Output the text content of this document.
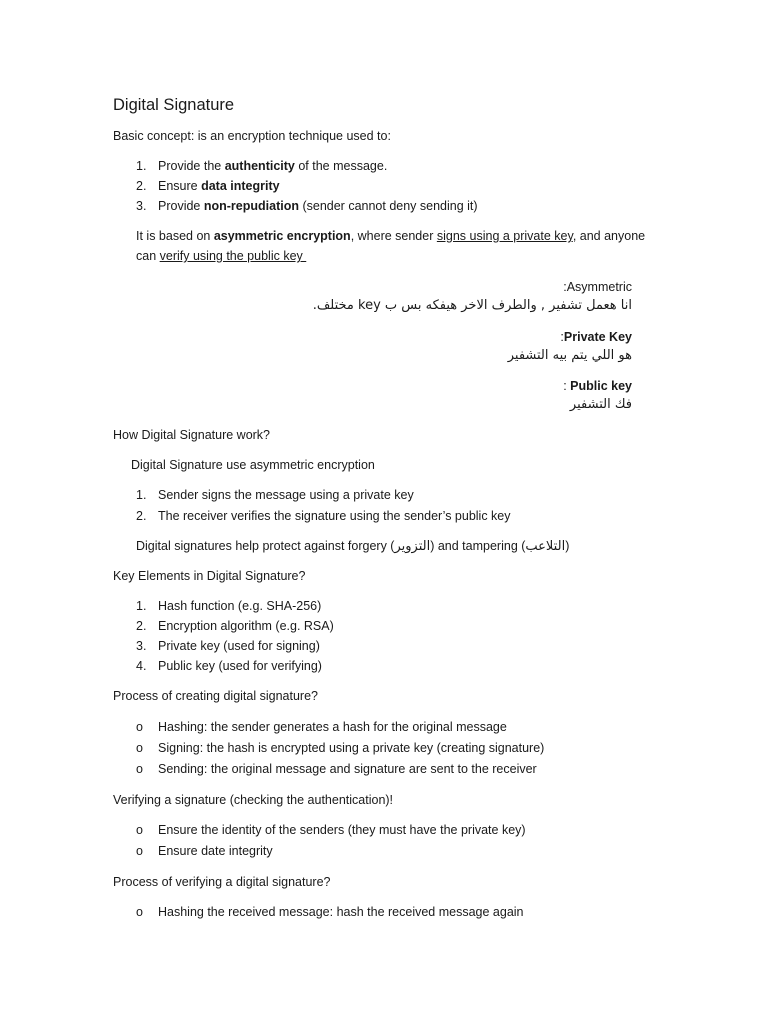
Digital Signature
Basic concept: is an encryption technique used to:
1. Provide the authenticity of the message.
2. Ensure data integrity
3. Provide non-repudiation (sender cannot deny sending it)
It is based on asymmetric encryption, where sender signs using a private key, and anyone
can verify using the public key
:Asymmetric
انا هعمل تشفير , والطرف الاخر هيفكه بس ب key مختلف.
:Private Key
هو اللي يتم بيه التشفير
: Public key
فك التشفير
How Digital Signature work?
Digital Signature use asymmetric encryption
1. Sender signs the message using a private key
2. The receiver verifies the signature using the sender’s public key
Digital signatures help protect against forgery (التزوير) and tampering (التلاعب)
Key Elements in Digital Signature?
1. Hash function (e.g. SHA-256)
2. Encryption algorithm (e.g. RSA)
3. Private key (used for signing)
4. Public key (used for verifying)
Process of creating digital signature?
o Hashing: the sender generates a hash for the original message
o Signing: the hash is encrypted using a private key (creating signature)
o Sending: the original message and signature are sent to the receiver
Verifying a signature (checking the authentication)!
o Ensure the identity of the senders (they must have the private key)
o Ensure date integrity
Process of verifying a digital signature?
o Hashing the received message: hash the received message again
